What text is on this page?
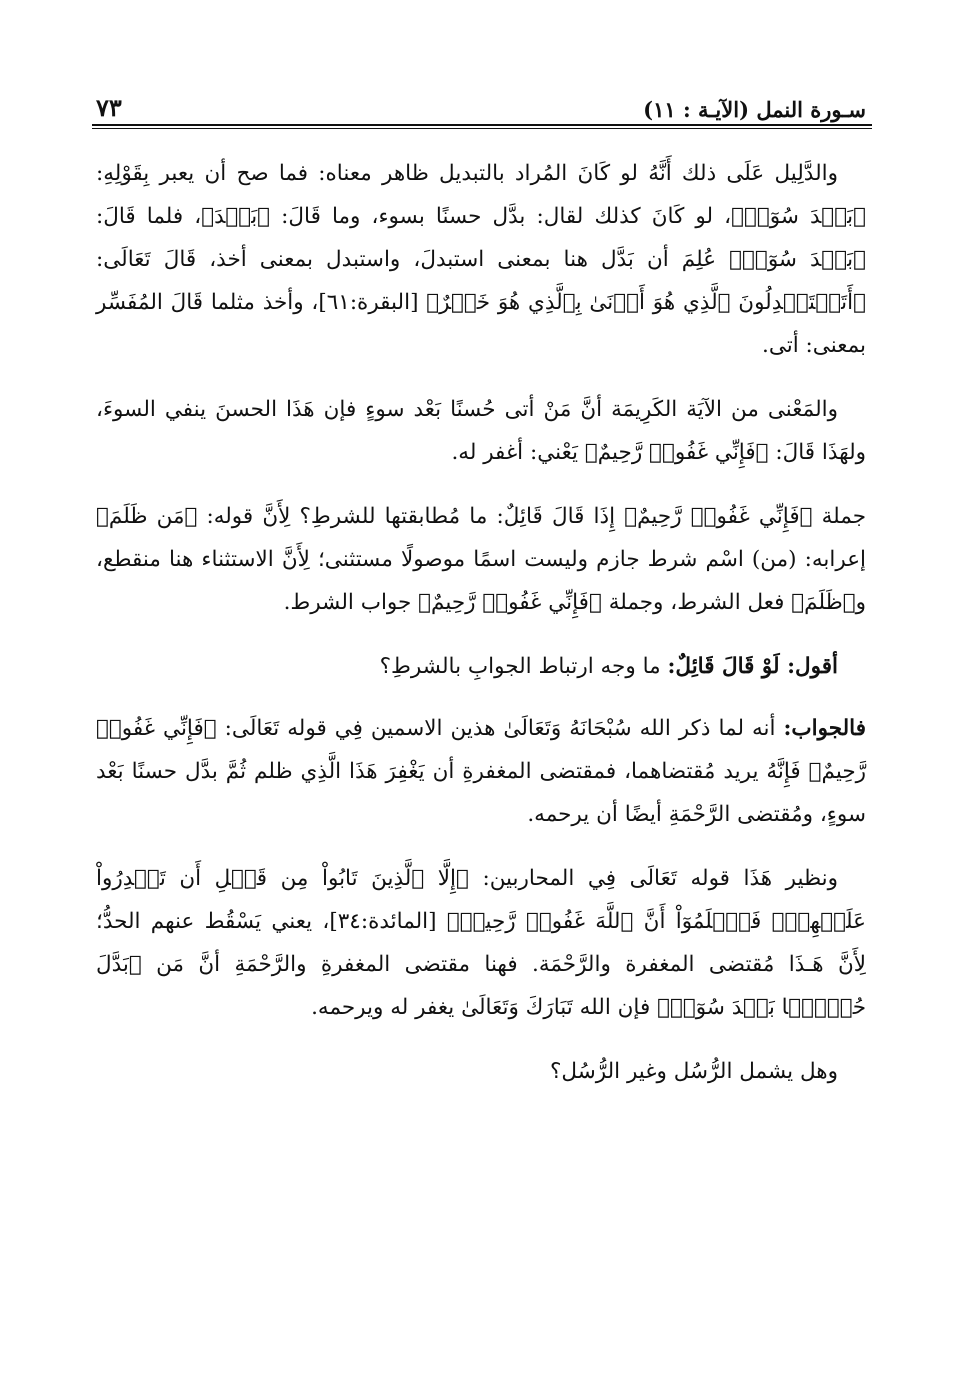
سـورة النمل (الآيـة : ١١)
٧٣

والدَّلِيل عَلَى ذلك أَنَّهُ لو كَانَ المُراد بالتبديل ظاهر معناه: فما صح أن يعبر بِقَوْلِهِ: ﴿بَعۡدَ سُوٓءٖ﴾، لو كَانَ كذلك لقال: بدَّل حسنًا بسوء، وما قَالَ: ﴿بَعۡدَ﴾، فلما قَالَ: ﴿بَعۡدَ سُوٓءٖ﴾ عُلِمَ أن بَدَّل هنا بمعنى استبدلَ، واستبدل بمعنى أخذ، قَالَ تَعَالَى: ﴿أَتَسۡتَبۡدِلُونَ ٱلَّذِي هُوَ أَدۡنَىٰ بِٱلَّذِي هُوَ خَيۡرٌ﴾ [البقرة:٦١]، وأخذ مثلما قَالَ المُفَسِّر بمعنى: أتى.

والمَعْنى من الآيَة الكَرِيمَة أنَّ مَنْ أتى حُسنًا بَعْد سوءٍ فإن هَذَا الحسنَ ينفي السوءَ، ولهَذَا قَالَ: ﴿فَإِنِّي غَفُورٞ رَّحِيمٌ﴾ يَعْني: أغفر له.

جملة ﴿فَإِنِّي غَفُورٞ رَّحِيمٌ﴾ إِذَا قَالَ قَائِلٌ: ما مُطابقتها للشرطِ؟ لِأَنَّ قوله: ﴿مَن ظَلَمَ﴾ إعرابه: (من) اسْم شرط جازم وليست اسمًا موصولًا مستثنى؛ لِأَنَّ الاستثناء هنا منقطع، و﴿ظَلَمَ﴾ فعل الشرط، وجملة ﴿فَإِنِّي غَفُورٞ رَّحِيمٌ﴾ جواب الشرط.

أقول: لَوْ قَالَ قَائِلٌ: ما وجه ارتباط الجوابِ بالشرطِ؟

فالجواب: أنه لما ذكر الله سُبْحَانَهُ وَتَعَالَىٰ هذين الاسمين فِي قوله تَعَالَى: ﴿فَإِنِّي غَفُورٞ رَّحِيمٌ﴾ فَإِنَّهُ يريد مُقتضاهما، فمقتضى المغفرةِ أن يَغْفِرَ هَذَا الَّذِي ظلم ثُمَّ بدَّل حسنًا بَعْد سوءٍ، ومُقتضى الرَّحْمَةِ أيضًا أن يرحمه.

ونظير هَذَا قوله تَعَالَى فِي المحاربين: ﴿إِلَّا ٱلَّذِينَ تَابُواْ مِن قَبۡلِ أَن تَقۡدِرُواْ عَلَيۡهِمۡۖ فَٱعۡلَمُوٓاْ أَنَّ ٱللَّهَ غَفُورٞ رَّحِيمٞ﴾ [المائدة:٣٤]، يعني يَسْقُط عنهم الحدُّ؛ لِأَنَّ هَـذَا مُقتضى المغفرة والرَّحْمَة. فهنا مقتضى المغفرةِ والرَّحْمَةِ أنَّ مَن ﴿بَدَّلَ حُسۡنَۢا بَعۡدَ سُوٓءٖ﴾ فإن الله تَبَارَكَ وَتَعَالَىٰ يغفر له ويرحمه.

وهل يشمل الرُّسُل وغير الرُّسُل؟
